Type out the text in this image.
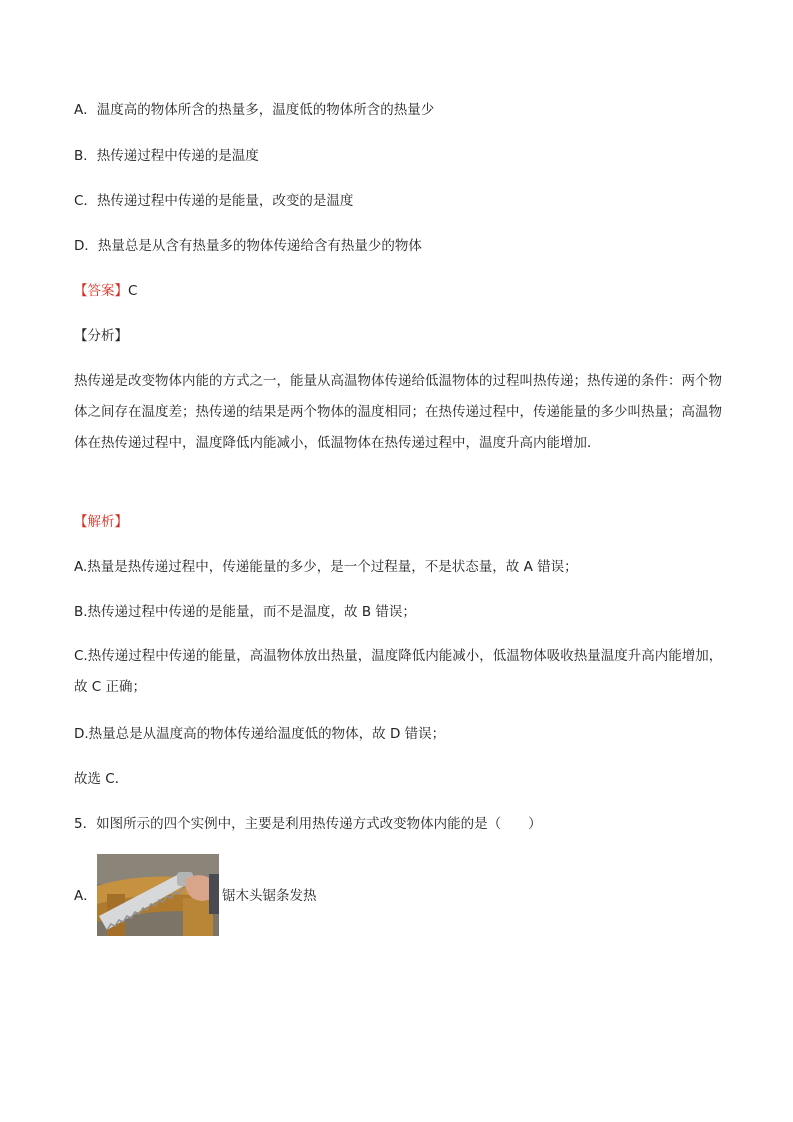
A．温度高的物体所含的热量多，温度低的物体所含的热量少
B．热传递过程中传递的是温度
C．热传递过程中传递的是能量，改变的是温度
D．热量总是从含有热量多的物体传递给含有热量少的物体
【答案】C
【分析】
热传递是改变物体内能的方式之一，能量从高温物体传递给低温物体的过程叫热传递；热传递的条件：两个物体之间存在温度差；热传递的结果是两个物体的温度相同；在热传递过程中，传递能量的多少叫热量；高温物体在热传递过程中，温度降低内能减小，低温物体在热传递过程中，温度升高内能增加．
【解析】
A.热量是热传递过程中，传递能量的多少，是一个过程量，不是状态量，故 A 错误；
B.热传递过程中传递的是能量，而不是温度，故 B 错误；
C.热传递过程中传递的能量，高温物体放出热量，温度降低内能减小，低温物体吸收热量温度升高内能增加，故 C 正确；
D.热量总是从温度高的物体传递给温度低的物体，故 D 错误；
故选 C．
5．如图所示的四个实例中，主要是利用热传递方式改变物体内能的是（　　）
A．	锯木头锯条发热
